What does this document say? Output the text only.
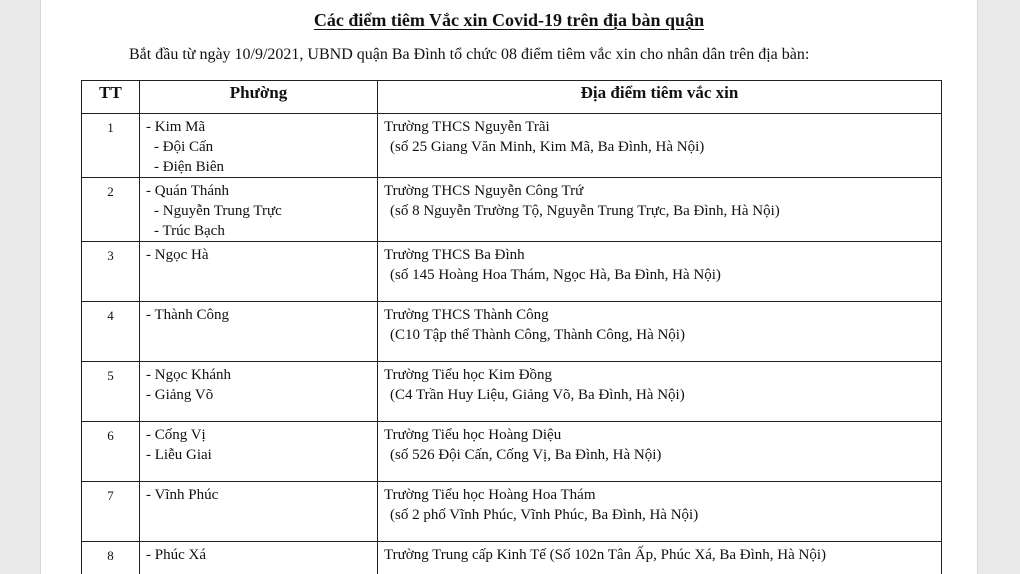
Các điểm tiêm Vắc xin Covid-19 trên địa bàn quận
Bắt đầu từ ngày 10/9/2021, UBND quận Ba Đình tổ chức 08 điểm tiêm vắc xin cho nhân dân trên địa bàn:
TT	Phường	Địa điểm tiêm vắc xin
1	- Kim Mã
- Đội Cấn
- Điện Biên	Trường THCS Nguyễn Trãi
(số 25 Giang Văn Minh, Kim Mã, Ba Đình, Hà Nội)

2	- Quán Thánh
- Nguyễn Trung Trực
- Trúc Bạch	Trường THCS Nguyễn Công Trứ
(số 8 Nguyễn Trường Tộ, Nguyễn Trung Trực, Ba Đình, Hà Nội)

3	- Ngọc Hà	Trường THCS Ba Đình
(số 145 Hoàng Hoa Thám, Ngọc Hà, Ba Đình, Hà Nội)

4	- Thành Công	Trường THCS Thành Công
(C10 Tập thể Thành Công, Thành Công, Hà Nội)

5	- Ngọc Khánh
- Giảng Võ	Trường Tiểu học Kim Đồng
(C4 Trần Huy Liệu, Giảng Võ, Ba Đình, Hà Nội)

6	- Cống Vị
- Liễu Giai	Trường Tiểu học Hoàng Diệu
(số 526 Đội Cấn, Cống Vị, Ba Đình, Hà Nội)

7	- Vĩnh Phúc	Trường Tiểu học Hoàng Hoa Thám
(số 2 phố Vĩnh Phúc, Vĩnh Phúc, Ba Đình, Hà Nội)

8	- Phúc Xá	Trường Trung cấp Kinh Tế (Số 102n Tân Ấp, Phúc Xá, Ba Đình, Hà Nội)
